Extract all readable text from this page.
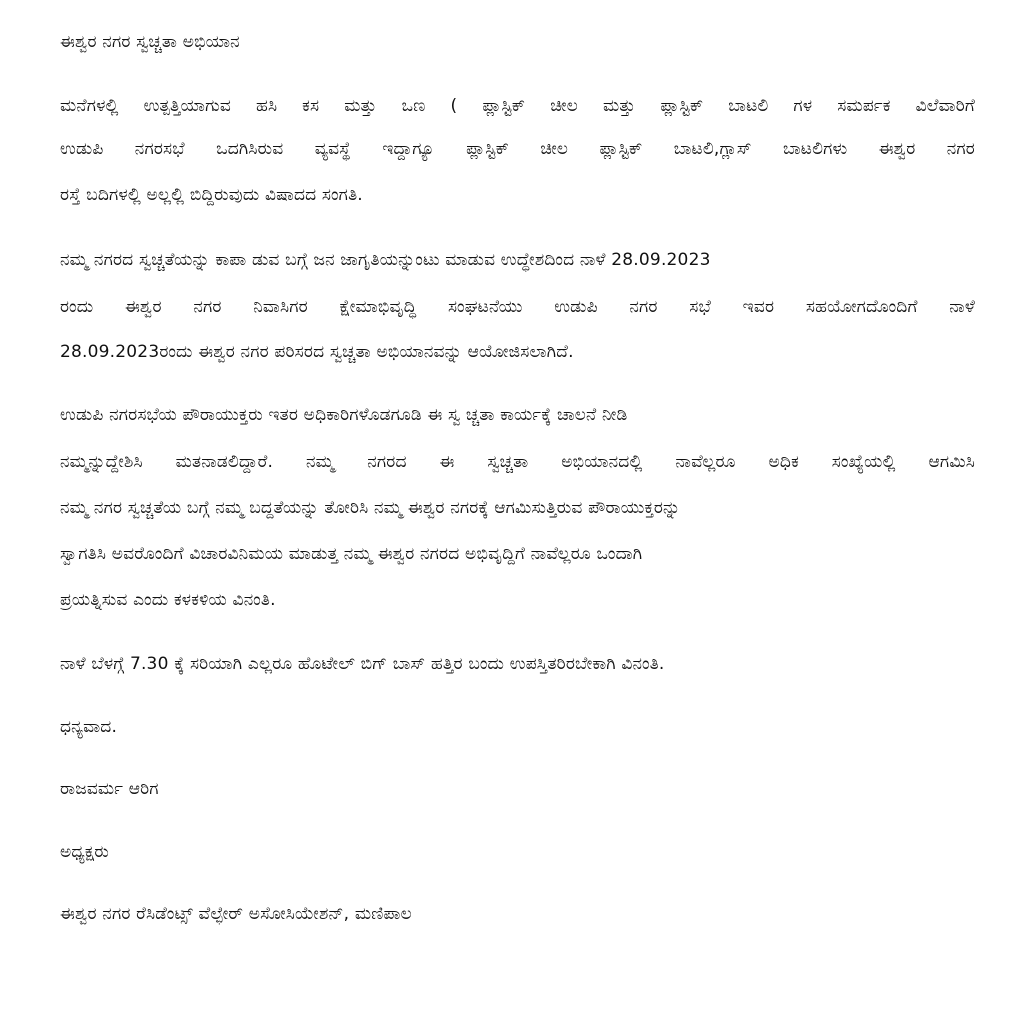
ಈಶ್ವರ ನಗರ ಸ್ವಚ್ಚತಾ ಅಭಿಯಾನ
ಮನೆಗಳಲ್ಲಿ ಉತ್ಪತ್ತಿಯಾಗುವ ಹಸಿ ಕಸ ಮತ್ತು ಒಣ ( ಪ್ಲಾಸ್ಟಿಕ್ ಚೀಲ ಮತ್ತು ಪ್ಲಾಸ್ಟಿಕ್ ಬಾಟಲಿ ಗಳ ಸಮರ್ಪಕ ವಿಲೆವಾರಿಗೆ
ಉಡುಪಿ ನಗರಸಭೆ ಒದಗಿಸಿರುವ ವ್ಯವಸ್ಥೆ ಇದ್ದಾಗ್ಯೂ ಪ್ಲಾಸ್ಟಿಕ್ ಚೀಲ ಪ್ಲಾಸ್ಟಿಕ್ ಬಾಟಲಿ,ಗ್ಲಾಸ್ ಬಾಟಲಿಗಳು ಈಶ್ವರ ನಗರ
ರಸ್ತೆ ಬದಿಗಳಲ್ಲಿ ಅಲ್ಲಲ್ಲಿ ಬಿದ್ದಿರುವುದು ವಿಷಾದದ ಸಂಗತಿ.
ನಮ್ಮ ನಗರದ ಸ್ವಚ್ಚತೆಯನ್ನು ಕಾಪಾ ಡುವ ಬಗ್ಗೆ ಜನ ಜಾಗೃತಿಯನ್ನುಂಟು ಮಾಡುವ ಉದ್ಧೇಶದಿಂದ ನಾಳೆ 28.09.2023
ರಂದು ಈಶ್ವರ ನಗರ ನಿವಾಸಿಗರ ಕ್ಷೇಮಾಭಿವೃದ್ಧಿ ಸಂಘಟನೆಯು ಉಡುಪಿ ನಗರ ಸಭೆ ಇವರ ಸಹಯೋಗದೊಂದಿಗೆ ನಾಳೆ
28.09.2023ರಂದು ಈಶ್ವರ ನಗರ ಪರಿಸರದ ಸ್ವಚ್ಚತಾ ಅಭಿಯಾನವನ್ನು ಆಯೋಜಿಸಲಾಗಿದೆ.
ಉಡುಪಿ ನಗರಸಭೆಯ ಪೌರಾಯುಕ್ತರು ಇತರ ಅಧಿಕಾರಿಗಳೊಡಗೂಡಿ ಈ ಸ್ವ ಚ್ಚತಾ ಕಾರ್ಯಕ್ಕೆ ಚಾಲನೆ ನೀಡಿ
ನಮ್ಮನ್ನುದ್ದೇಶಿಸಿ ಮತನಾಡಲಿದ್ದಾರೆ. ನಮ್ಮ ನಗರದ ಈ ಸ್ವಚ್ಚತಾ ಅಭಿಯಾನದಲ್ಲಿ ನಾವೆಲ್ಲರೂ ಅಧಿಕ ಸಂಖ್ಯೆಯಲ್ಲಿ ಆಗಮಿಸಿ
ನಮ್ಮ ನಗರ ಸ್ವಚ್ಚತೆಯ ಬಗ್ಗೆ ನಮ್ಮ ಬದ್ದತೆಯನ್ನು ತೋರಿಸಿ ನಮ್ಮ ಈಶ್ವರ ನಗರಕ್ಕೆ ಆಗಮಿಸುತ್ತಿರುವ ಪೌರಾಯುಕ್ತರನ್ನು
ಸ್ವಾಗತಿಸಿ ಅವರೊಂದಿಗೆ ವಿಚಾರವಿನಿಮಯ ಮಾಡುತ್ತ ನಮ್ಮ ಈಶ್ವರ ನಗರದ ಅಭಿವೃದ್ದಿಗೆ ನಾವೆಲ್ಲರೂ ಒಂದಾಗಿ
ಪ್ರಯತ್ನಿಸುವ ಎಂದು ಕಳಕಳಿಯ ವಿನಂತಿ.
ನಾಳೆ ಬೆಳಗ್ಗೆ 7.30 ಕ್ಕೆ ಸರಿಯಾಗಿ ಎಲ್ಲರೂ ಹೊಟೇಲ್ ಬಿಗ್ ಬಾಸ್ ಹತ್ತಿರ ಬಂದು ಉಪಸ್ತಿತರಿರಬೇಕಾಗಿ ವಿನಂತಿ.
ಧನ್ಯವಾದ.
ರಾಜವರ್ಮ ಆರಿಗ
ಅಧ್ಯಕ್ಷರು
ಈಶ್ವರ ನಗರ ರೆಸಿಡೆಂಟ್ಸ್ ವೆಲ್ಫೇರ್ ಅಸೋಸಿಯೇಶನ್, ಮಣಿಪಾಲ
